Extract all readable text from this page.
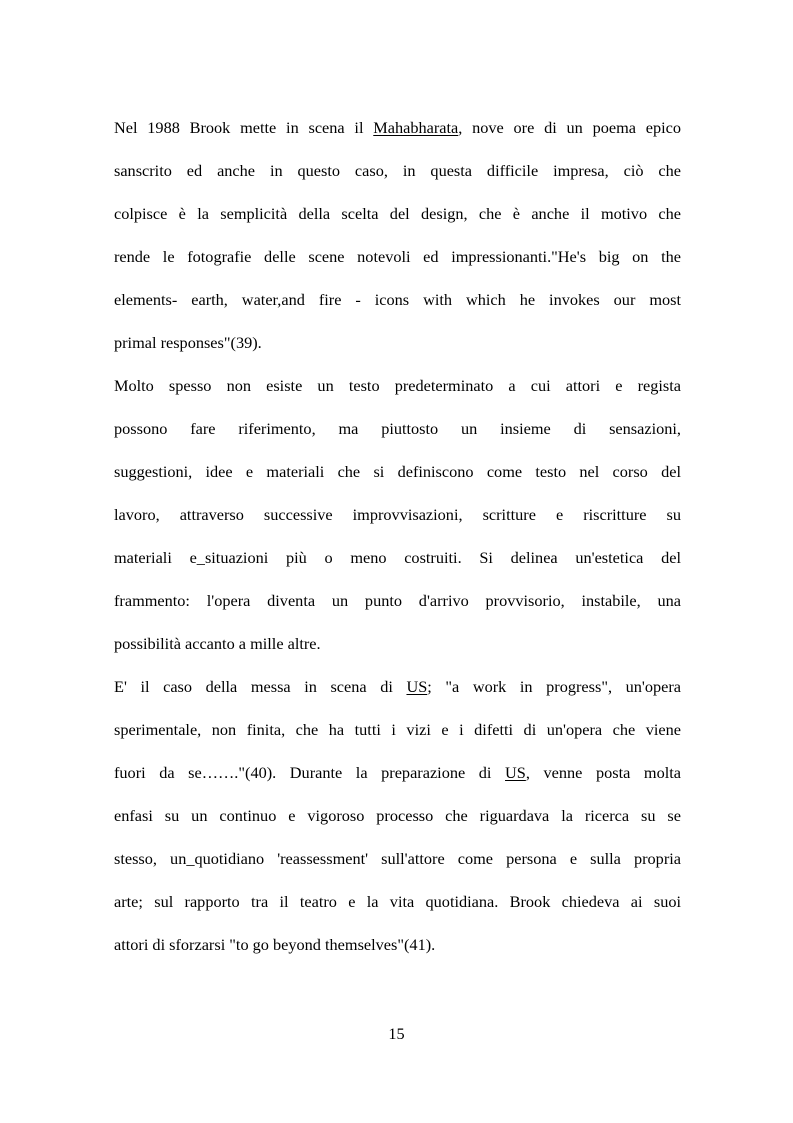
Nel 1988 Brook mette in scena il Mahabharata, nove ore di un poema epico
sanscrito ed anche in questo caso, in questa difficile impresa, ciò che
colpisce è la semplicità della scelta del design, che è anche il motivo che
rende le fotografie delle scene notevoli ed impressionanti."He's big on the
elements- earth, water,and fire - icons with which he invokes our most
primal responses"(39).
Molto spesso non esiste un testo predeterminato a cui attori e regista
possono fare riferimento, ma piuttosto un insieme di sensazioni,
suggestioni, idee e materiali che si definiscono come testo nel corso del
lavoro, attraverso successive improvvisazioni, scritture e riscritture su
materiali e_situazioni più o meno costruiti. Si delinea un'estetica del
frammento: l'opera diventa un punto d'arrivo provvisorio, instabile, una
possibilità accanto a mille altre.
E' il caso della messa in scena di US; "a work in progress", un'opera
sperimentale, non finita, che ha tutti i vizi e i difetti di un'opera che viene
fuori da se……."(40). Durante la preparazione di US, venne posta molta
enfasi su un continuo e vigoroso processo che riguardava la ricerca su se
stesso, un_quotidiano 'reassessment' sull'attore come persona e sulla propria
arte; sul rapporto tra il teatro e la vita quotidiana. Brook chiedeva ai suoi
attori di sforzarsi "to go beyond themselves"(41).
15
